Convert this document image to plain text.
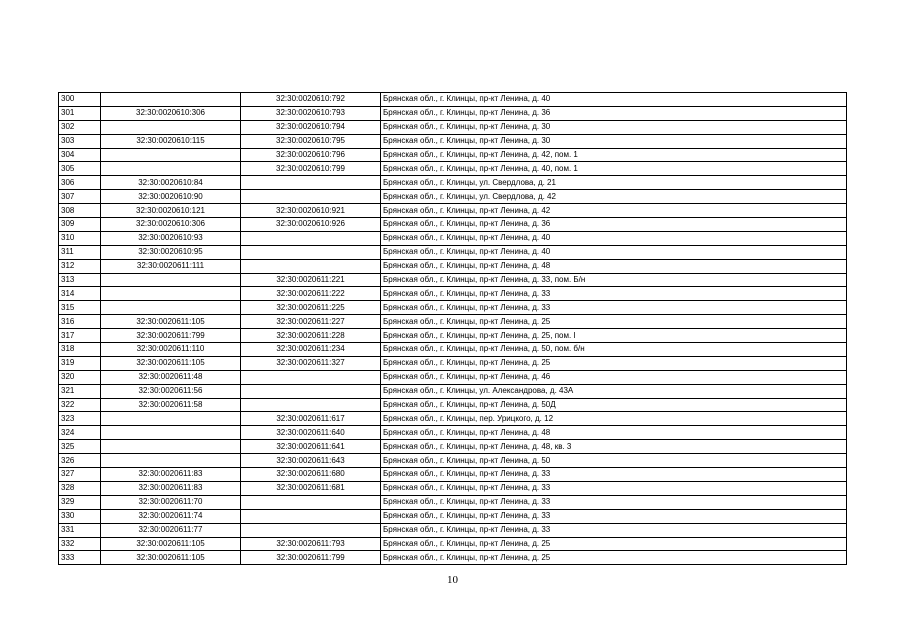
300		32:30:0020610:792	Брянская обл., г. Клинцы, пр-кт Ленина, д. 40
301	32:30:0020610:306	32:30:0020610:793	Брянская обл., г. Клинцы, пр-кт Ленина, д. 36
302		32:30:0020610:794	Брянская обл., г. Клинцы, пр-кт Ленина, д. 30
303	32:30:0020610:115	32:30:0020610:795	Брянская обл., г. Клинцы, пр-кт Ленина, д. 30
304		32:30:0020610:796	Брянская обл., г. Клинцы, пр-кт Ленина, д. 42, пом. 1
305		32:30:0020610:799	Брянская обл., г. Клинцы, пр-кт Ленина, д. 40, пом. 1
306	32:30:0020610:84		Брянская обл., г. Клинцы, ул. Свердлова, д. 21
307	32:30:0020610:90		Брянская обл., г. Клинцы, ул. Свердлова, д. 42
308	32:30:0020610:121	32:30:0020610:921	Брянская обл., г. Клинцы, пр-кт Ленина, д. 42
309	32:30:0020610:306	32:30:0020610:926	Брянская обл., г. Клинцы, пр-кт Ленина, д. 36
310	32:30:0020610:93		Брянская обл., г. Клинцы, пр-кт Ленина, д. 40
311	32:30:0020610:95		Брянская обл., г. Клинцы, пр-кт Ленина, д. 40
312	32:30:0020611:111		Брянская обл., г. Клинцы, пр-кт Ленина, д. 48
313		32:30:0020611:221	Брянская обл., г. Клинцы, пр-кт Ленина, д. 33, пом. Б/н
314		32:30:0020611:222	Брянская обл., г. Клинцы, пр-кт Ленина, д. 33
315		32:30:0020611:225	Брянская обл., г. Клинцы, пр-кт Ленина, д. 33
316	32:30:0020611:105	32:30:0020611:227	Брянская обл., г. Клинцы, пр-кт Ленина, д. 25
317	32:30:0020611:799	32:30:0020611:228	Брянская обл., г. Клинцы, пр-кт Ленина, д. 25, пом. I
318	32:30:0020611:110	32:30:0020611:234	Брянская обл., г. Клинцы, пр-кт Ленина, д. 50, пом. б/н
319	32:30:0020611:105	32:30:0020611:327	Брянская обл., г. Клинцы, пр-кт Ленина, д. 25
320	32:30:0020611:48		Брянская обл., г. Клинцы, пр-кт Ленина, д. 46
321	32:30:0020611:56		Брянская обл., г. Клинцы, ул. Александрова, д. 43А
322	32:30:0020611:58		Брянская обл., г. Клинцы, пр-кт Ленина, д. 50Д
323		32:30:0020611:617	Брянская обл., г. Клинцы, пер. Урицкого, д. 12
324		32:30:0020611:640	Брянская обл., г. Клинцы, пр-кт Ленина, д. 48
325		32:30:0020611:641	Брянская обл., г. Клинцы, пр-кт Ленина, д. 48, кв. 3
326		32:30:0020611:643	Брянская обл., г. Клинцы, пр-кт Ленина, д. 50
327	32:30:0020611:83	32:30:0020611:680	Брянская обл., г. Клинцы, пр-кт Ленина, д. 33
328	32:30:0020611:83	32:30:0020611:681	Брянская обл., г. Клинцы, пр-кт Ленина, д. 33
329	32:30:0020611:70		Брянская обл., г. Клинцы, пр-кт Ленина, д. 33
330	32:30:0020611:74		Брянская обл., г. Клинцы, пр-кт Ленина, д. 33
331	32:30:0020611:77		Брянская обл., г. Клинцы, пр-кт Ленина, д. 33
332	32:30:0020611:105	32:30:0020611:793	Брянская обл., г. Клинцы, пр-кт Ленина, д. 25
333	32:30:0020611:105	32:30:0020611:799	Брянская обл., г. Клинцы, пр-кт Ленина, д. 25
10
